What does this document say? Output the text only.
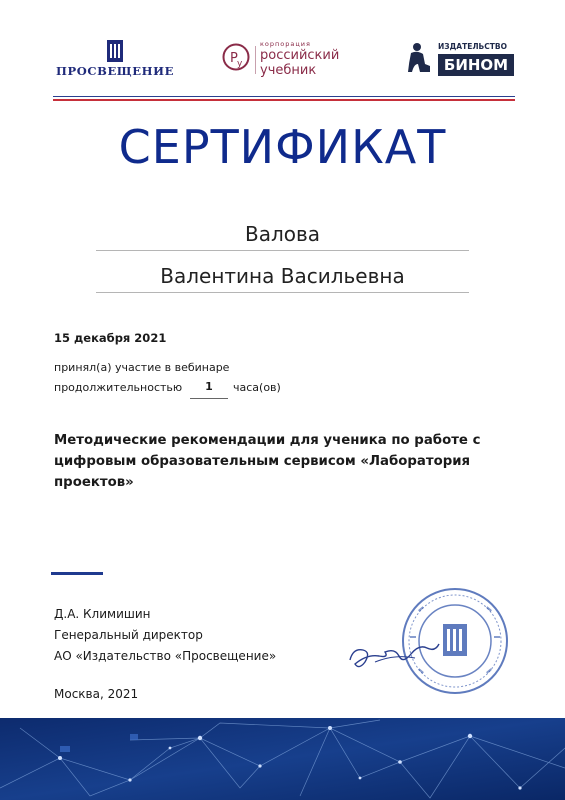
ПРОСВЕЩЕНИЕ
Р у
корпорация
российский
учебник
ИЗДАТЕЛЬСТВО
БИНОМ
СЕРТИФИКАТ
Валова
Валентина Васильевна
15 декабря 2021
принял(а) участие в вебинаре
продолжительностью	1	часа(ов)
Методические рекомендации для ученика по работе с цифровым образовательным сервисом «Лаборатория проектов»
Д.А. Климишин
Генеральный директор
АО «Издательство «Просвещение»
Москва, 2021
